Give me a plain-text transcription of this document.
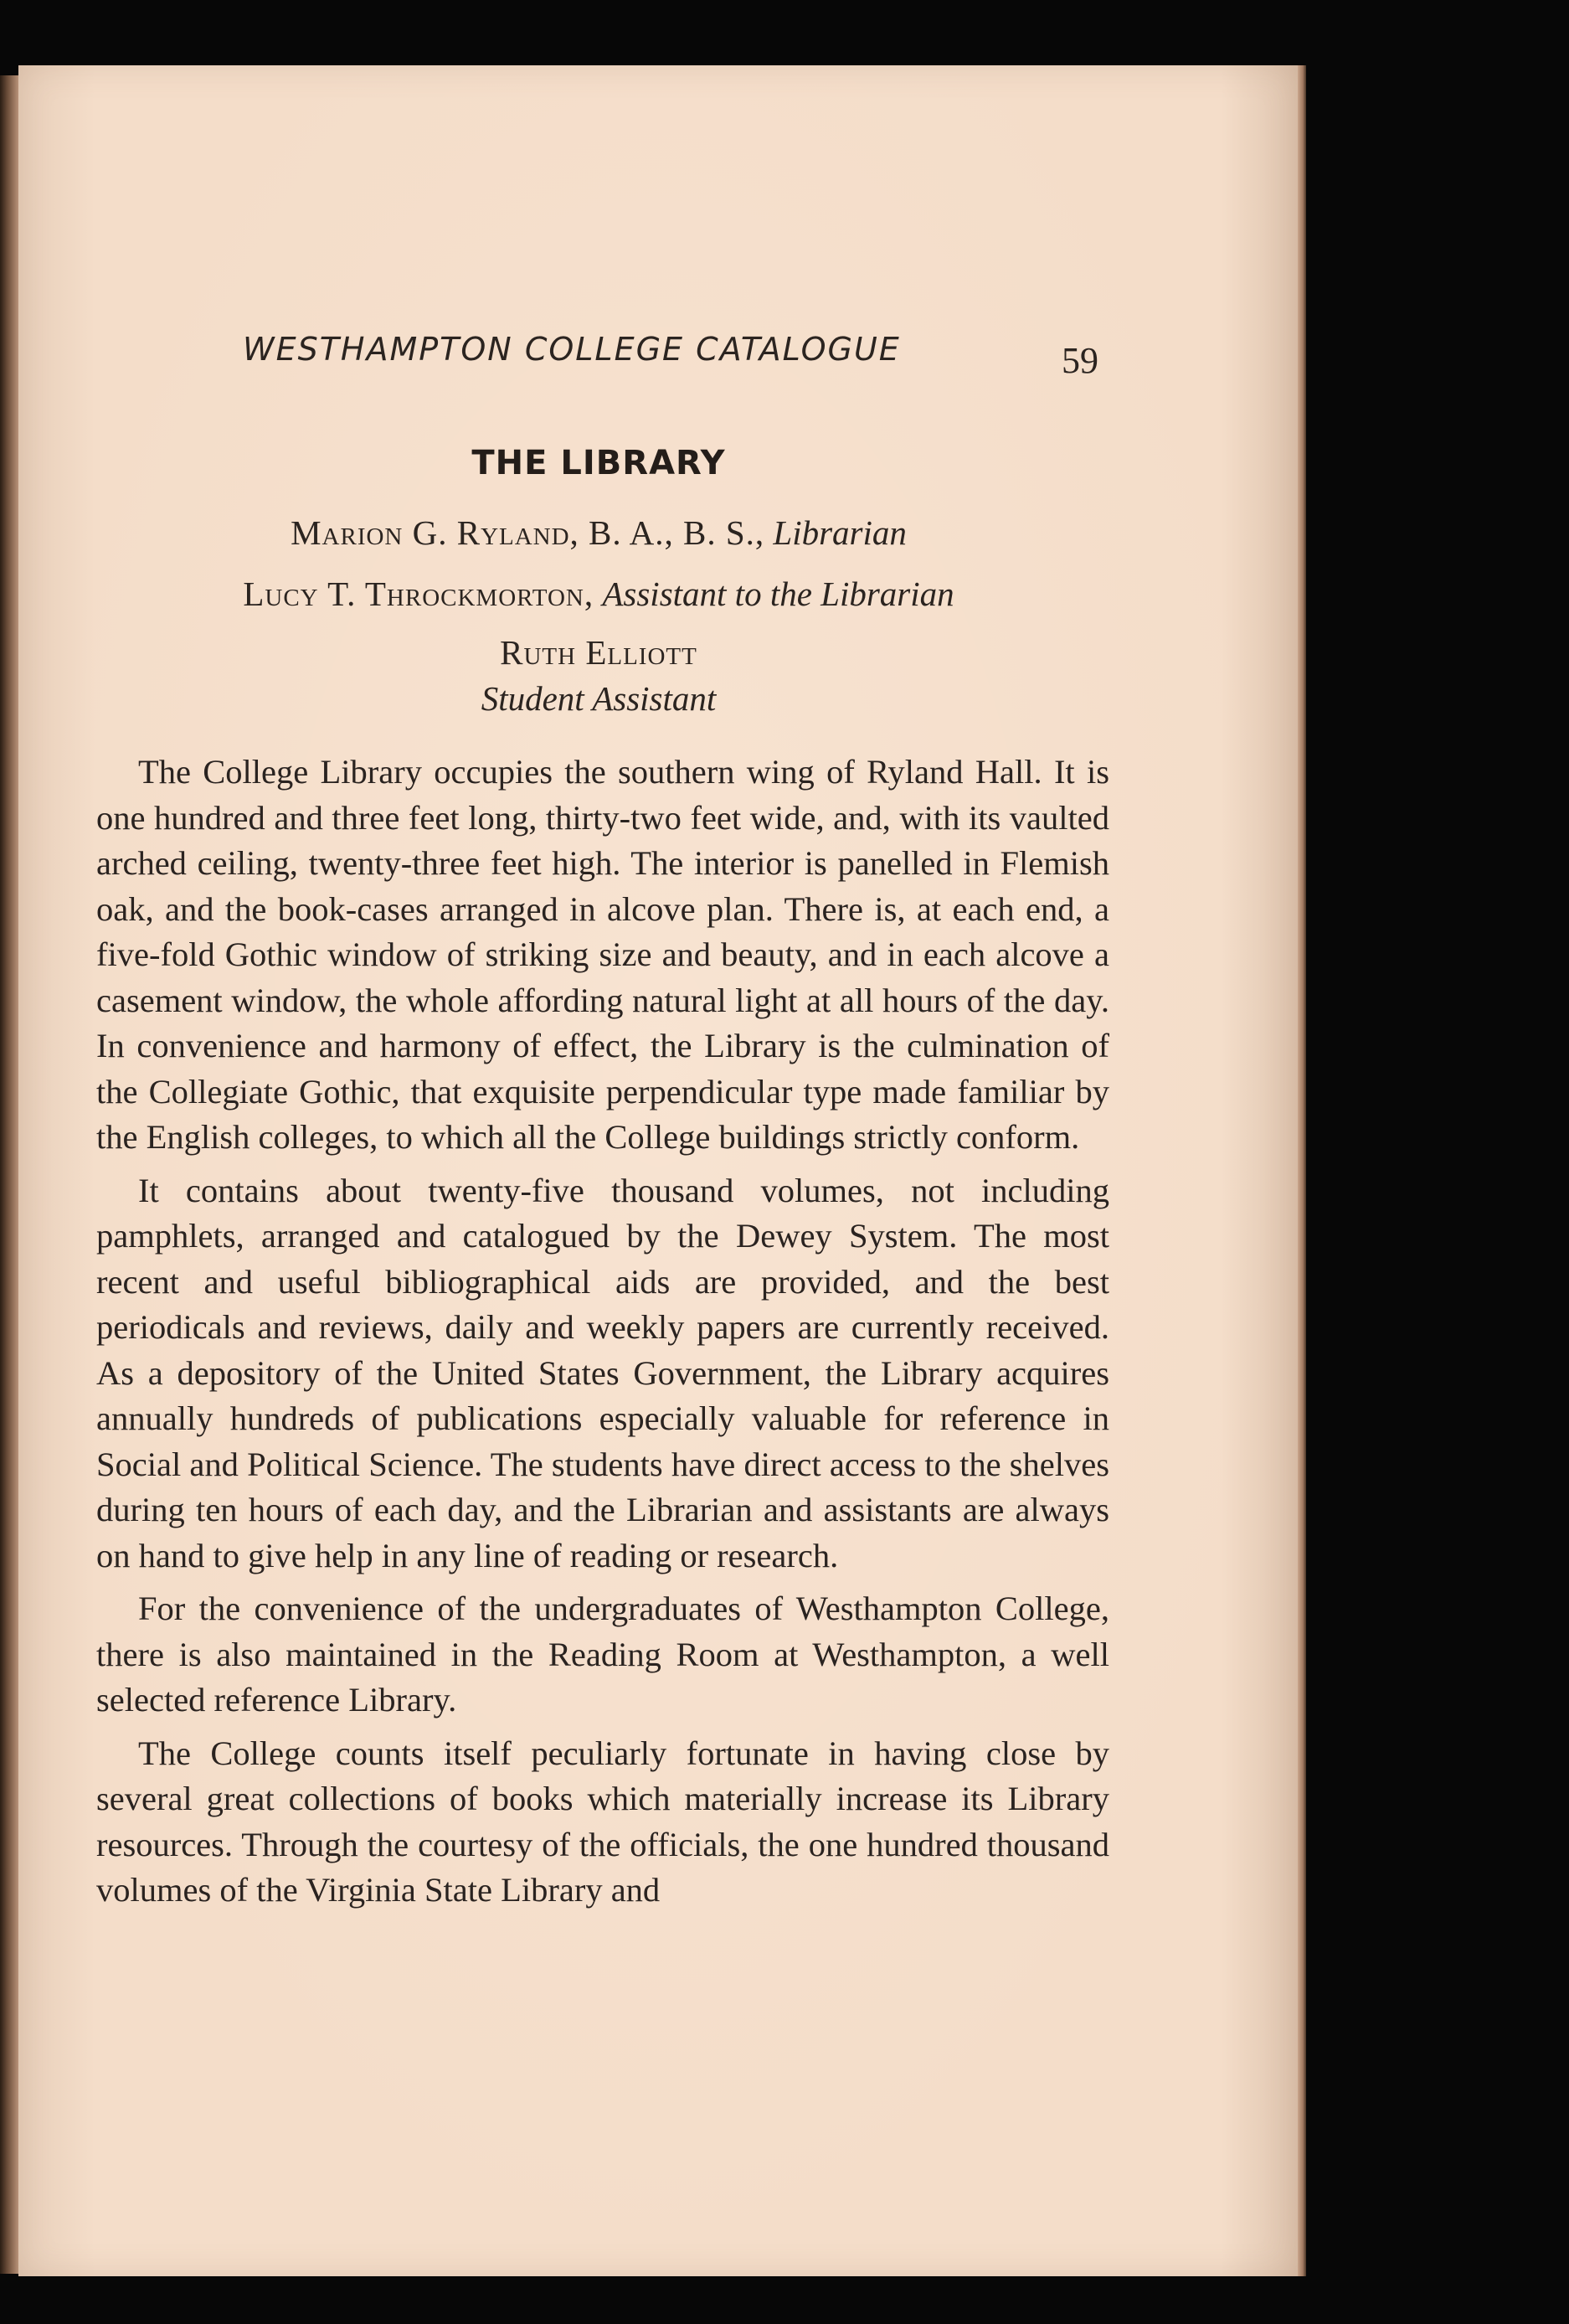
WESTHAMPTON COLLEGE CATALOGUE	59
THE LIBRARY
Marion G. Ryland, B. A., B. S., Librarian
Lucy T. Throckmorton, Assistant to the Librarian
Ruth Elliott
Student Assistant

The College Library occupies the southern wing of Ryland Hall. It is one hundred and three feet long, thirty-two feet wide, and, with its vaulted arched ceiling, twenty-three feet high. The interior is panelled in Flemish oak, and the book-cases arranged in alcove plan. There is, at each end, a five-fold Gothic window of striking size and beauty, and in each alcove a casement window, the whole affording natural light at all hours of the day. In convenience and harmony of effect, the Library is the culmination of the Collegiate Gothic, that exquisite perpendicular type made familiar by the English colleges, to which all the College buildings strictly conform.

It contains about twenty-five thousand volumes, not including pamphlets, arranged and catalogued by the Dewey System. The most recent and useful bibliographical aids are provided, and the best periodicals and reviews, daily and weekly papers are currently received. As a depository of the United States Government, the Library acquires annually hundreds of publications especially valuable for reference in Social and Political Science. The students have direct access to the shelves during ten hours of each day, and the Librarian and assistants are always on hand to give help in any line of reading or research.

For the convenience of the undergraduates of Westhampton College, there is also maintained in the Reading Room at Westhampton, a well selected reference Library.

The College counts itself peculiarly fortunate in having close by several great collections of books which materially increase its Library resources. Through the courtesy of the officials, the one hundred thousand volumes of the Virginia State Library and
